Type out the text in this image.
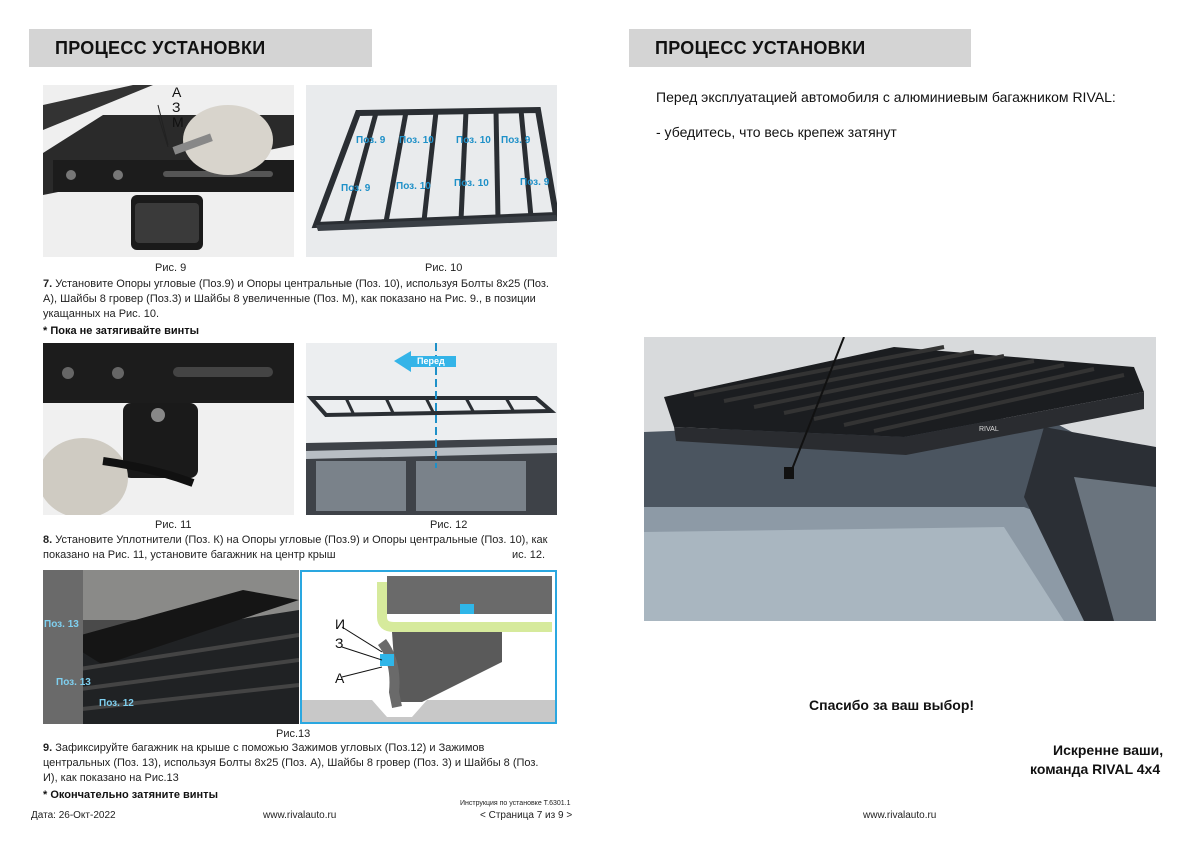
ПРОЦЕСС УСТАНОВКИ
А
З
М
Рис. 9
Поз. 9 Поз. 10 Поз. 10 Поз. 9
Поз. 9	Поз. 10 Поз. 10	Поз. 9
Рис. 10
7. Установите Опоры угловые (Поз.9) и Опоры центральные (Поз. 10), используя Болты 8х25 (Поз. А), Шайбы 8 гровер (Поз.3) и Шайбы 8 увеличенные (Поз. М), как показано на Рис. 9., в позиции укащанных на Рис. 10.
* Пока не затягивайте винты
Рис. 11
Перед
Рис. 12
8. Установите Уплотнители (Поз. К) на Опоры угловые (Поз.9) и Опоры центральные (Поз. 10), как
показано на Рис. 11, установите багажник на центр крыш	ис. 12.
Поз. 13
Поз. 13
Поз. 12
И
З
А
Рис.13
9. Зафиксируйте багажник на крыше с поможью Зажимов угловых (Поз.12) и Зажимов центральных (Поз. 13), используя Болты 8х25 (Поз. А), Шайбы 8 гровер (Поз. 3) и Шайбы 8 (Поз. И), как показано на Рис.13
* Окончательно затяните винты
Инструкция по установке T.6301.1
Дата: 26-Окт-2022	www.rivalauto.ru	< Страница 7 из 9 >
ПРОЦЕСС УСТАНОВКИ
Перед эксплуатацией автомобиля с алюминиевым багажником RIVAL:
- убедитесь, что весь крепеж затянут
RIVAL
Спасибо за ваш выбор!
Искренне ваши,
команда RIVAL 4x4
www.rivalauto.ru
